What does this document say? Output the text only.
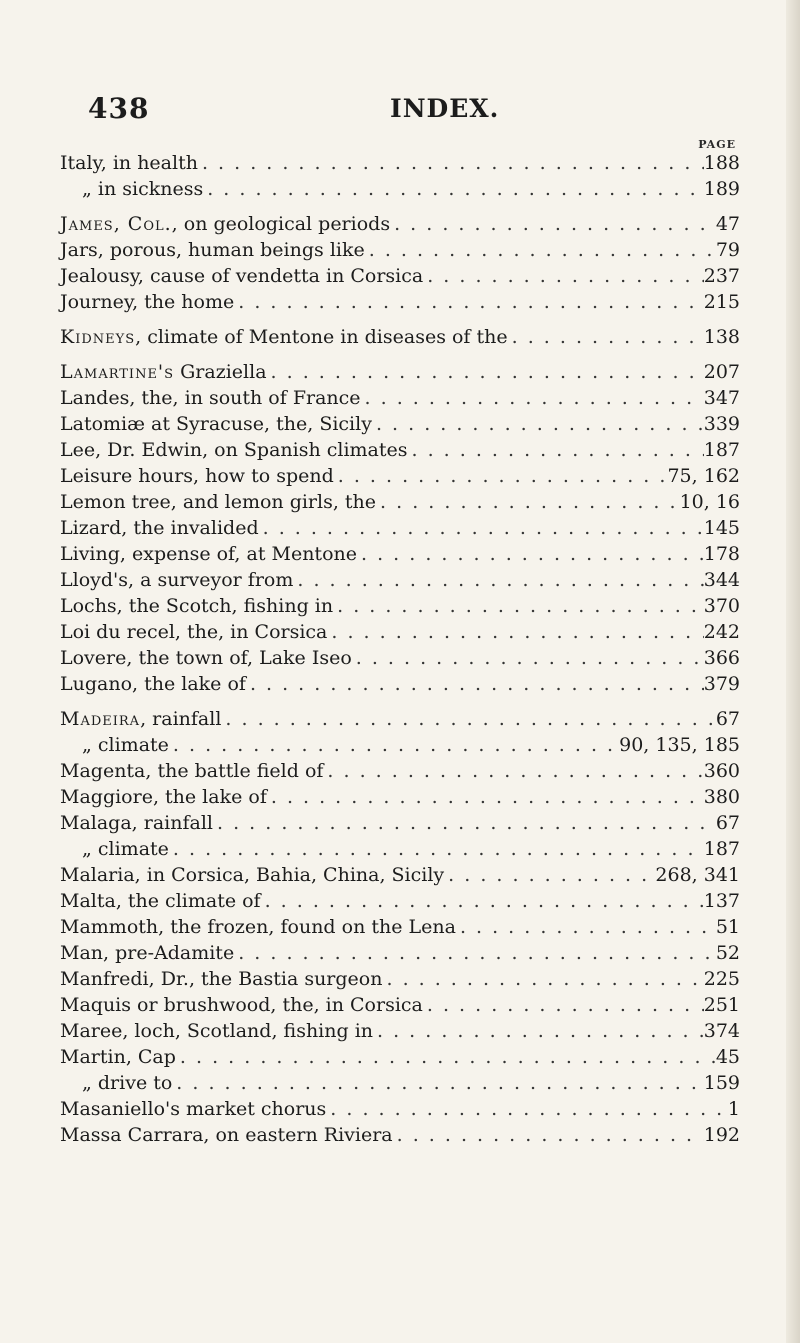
438	INDEX.
PAGE
Italy, in health . . .	188
„ in sickness . . .	189
James, Col., on geological periods . . .	47
Jars, porous, human beings like . . .	79
Jealousy, cause of vendetta in Corsica . . .	237
Journey, the home . . .	215
Kidneys, climate of Mentone in diseases of the . . .	138
Lamartine's Graziella . . .	207
Landes, the, in south of France . . .	347
Latomiæ at Syracuse, the, Sicily . . .	339
Lee, Dr. Edwin, on Spanish climates . . .	187
Leisure hours, how to spend . . .	75, 162
Lemon tree, and lemon girls, the . . .	10, 16
Lizard, the invalided . . .	145
Living, expense of, at Mentone . . .	178
Lloyd's, a surveyor from . . .	344
Lochs, the Scotch, fishing in . . .	370
Loi du recel, the, in Corsica . . .	242
Lovere, the town of, Lake Iseo . . .	366
Lugano, the lake of . . .	379
Madeira, rainfall . . .	67
„ climate . . .	90, 135, 185
Magenta, the battle field of . . .	360
Maggiore, the lake of . . .	380
Malaga, rainfall . . .	67
„ climate . . .	187
Malaria, in Corsica, Bahia, China, Sicily . . .	268, 341
Malta, the climate of . . .	137
Mammoth, the frozen, found on the Lena . . .	51
Man, pre-Adamite . . .	52
Manfredi, Dr., the Bastia surgeon . . .	225
Maquis or brushwood, the, in Corsica . . .	251
Maree, loch, Scotland, fishing in . . .	374
Martin, Cap . . .	45
„ drive to . . .	159
Masaniello's market chorus . . .	1
Massa Carrara, on eastern Riviera . . .	192
